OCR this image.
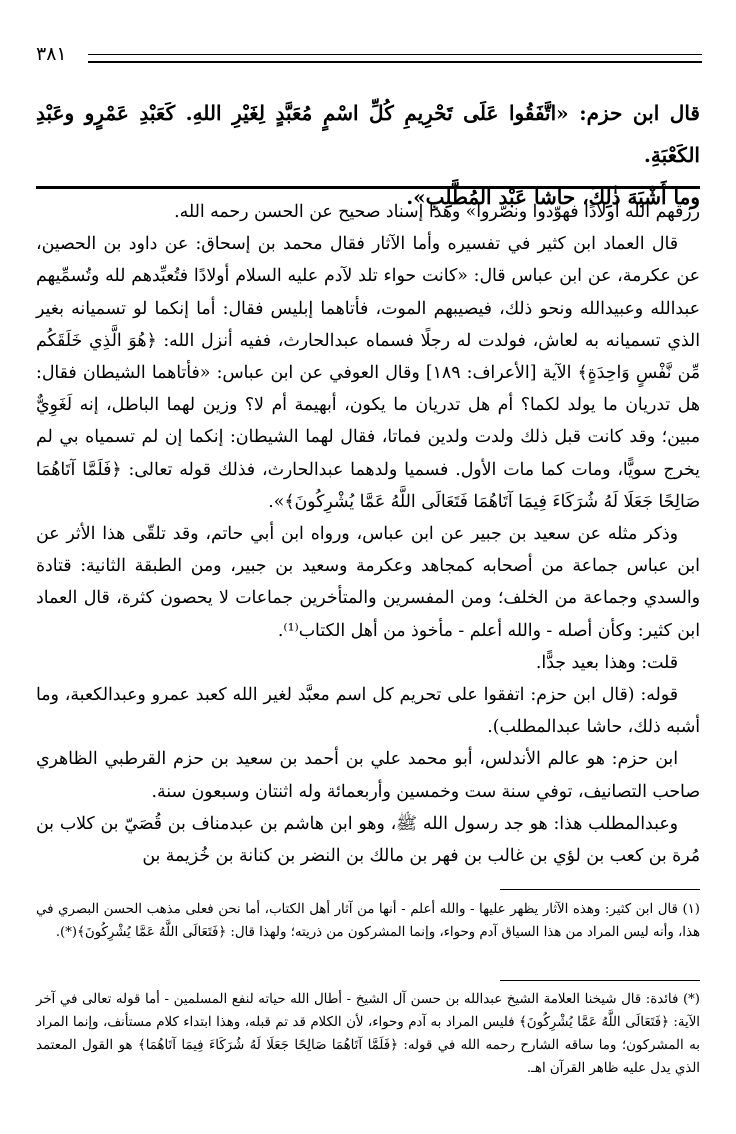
٣٨١

قال ابن حزم: «اتَّفَقُوا عَلَى تَحْرِيمِ كُلِّ اسْمٍ مُعَبَّدٍ لِغَيْرِ اللهِ. كَعَبْدِ عَمْرٍو وعَبْدِ الكَعْبَةِ.

وما أَشْبَهَ ذٰلِكَ، حاشا عَبْد المُطَّلِبِ».

رزقهم الله أولادًا فهوّدوا ونصّروا» وهذا إسناد صحيح عن الحسن رحمه الله.

قال العماد ابن كثير في تفسيره وأما الآثار فقال محمد بن إسحاق: عن داود بن الحصين، عن عكرمة، عن ابن عباس قال: «كانت حواء تلد لآدم عليه السلام أولادًا فتُعبِّدهم لله وتُسمِّيهم عبدالله وعبيدالله ونحو ذلك، فيصيبهم الموت، فأتاهما إبليس فقال: أما إنكما لو تسميانه بغير الذي تسميانه به لعاش، فولدت له رجلًا فسماه عبدالحارث، ففيه أنزل الله: ﴿هُوَ الَّذِي خَلَقَكُم مِّن نَّفْسٍ وَاحِدَةٍ﴾ الآية [الأعراف: ١٨٩] وقال العوفي عن ابن عباس: «فأتاهما الشيطان فقال: هل تدريان ما يولد لكما؟ أم هل تدريان ما يكون، أبهيمة أم لا؟ وزين لهما الباطل، إنه لَغَوِيٌّ مبين؛ وقد كانت قبل ذلك ولدت ولدين فماتا، فقال لهما الشيطان: إنكما إن لم تسمياه بي لم يخرج سويًّا، ومات كما مات الأول. فسميا ولدهما عبدالحارث، فذلك قوله تعالى: ﴿فَلَمَّا آتَاهُمَا صَالِحًا جَعَلَا لَهُ شُرَكَاءَ فِيمَا آتَاهُمَا فَتَعَالَى اللَّهُ عَمَّا يُشْرِكُونَ﴾».

وذكر مثله عن سعيد بن جبير عن ابن عباس، ورواه ابن أبي حاتم، وقد تلقّى هذا الأثر عن ابن عباس جماعة من أصحابه كمجاهد وعكرمة وسعيد بن جبير، ومن الطبقة الثانية: قتادة والسدي وجماعة من الخلف؛ ومن المفسرين والمتأخرين جماعات لا يحصون كثرة، قال العماد ابن كثير: وكأن أصله - والله أعلم - مأخوذ من أهل الكتاب⁽¹⁾.

قلت: وهذا بعيد جدًّا.

قوله: (قال ابن حزم: اتفقوا على تحريم كل اسم معبَّد لغير الله كعبد عمرو وعبدالكعبة، وما أشبه ذلك، حاشا عبدالمطلب).

ابن حزم: هو عالم الأندلس، أبو محمد علي بن أحمد بن سعيد بن حزم القرطبي الظاهري صاحب التصانيف، توفي سنة ست وخمسين وأربعمائة وله اثنتان وسبعون سنة.

وعبدالمطلب هذا: هو جد رسول الله ﷺ، وهو ابن هاشم بن عبدمناف بن قُصَيّ بن كلاب بن مُرة بن كعب بن لؤي بن غالب بن فهر بن مالك بن النضر بن كنانة بن خُزيمة بن

(١) قال ابن كثير: وهذه الآثار يظهر عليها - والله أعلم - أنها من آثار أهل الكتاب، أما نحن فعلى مذهب الحسن البصري في هذا، وأنه ليس المراد من هذا السياق آدم وحواء، وإنما المشركون من ذريته؛ ولهذا قال: ﴿فَتَعَالَى اللَّهُ عَمَّا يُشْرِكُونَ﴾(*).

(*) فائدة: قال شيخنا العلامة الشيخ عبدالله بن حسن آل الشيخ - أطال الله حياته لنفع المسلمين - أما قوله تعالى في آخر الآية: ﴿فَتَعَالَى اللَّهُ عَمَّا يُشْرِكُونَ﴾ فليس المراد به آدم وحواء، لأن الكلام قد تم قبله، وهذا ابتداء كلام مستأنف، وإنما المراد به المشركون؛ وما ساقه الشارح رحمه الله في قوله: ﴿فَلَمَّا آتَاهُمَا صَالِحًا جَعَلَا لَهُ شُرَكَاءَ فِيمَا آتَاهُمَا﴾ هو القول المعتمد الذي يدل عليه ظاهر القرآن اهـ.
